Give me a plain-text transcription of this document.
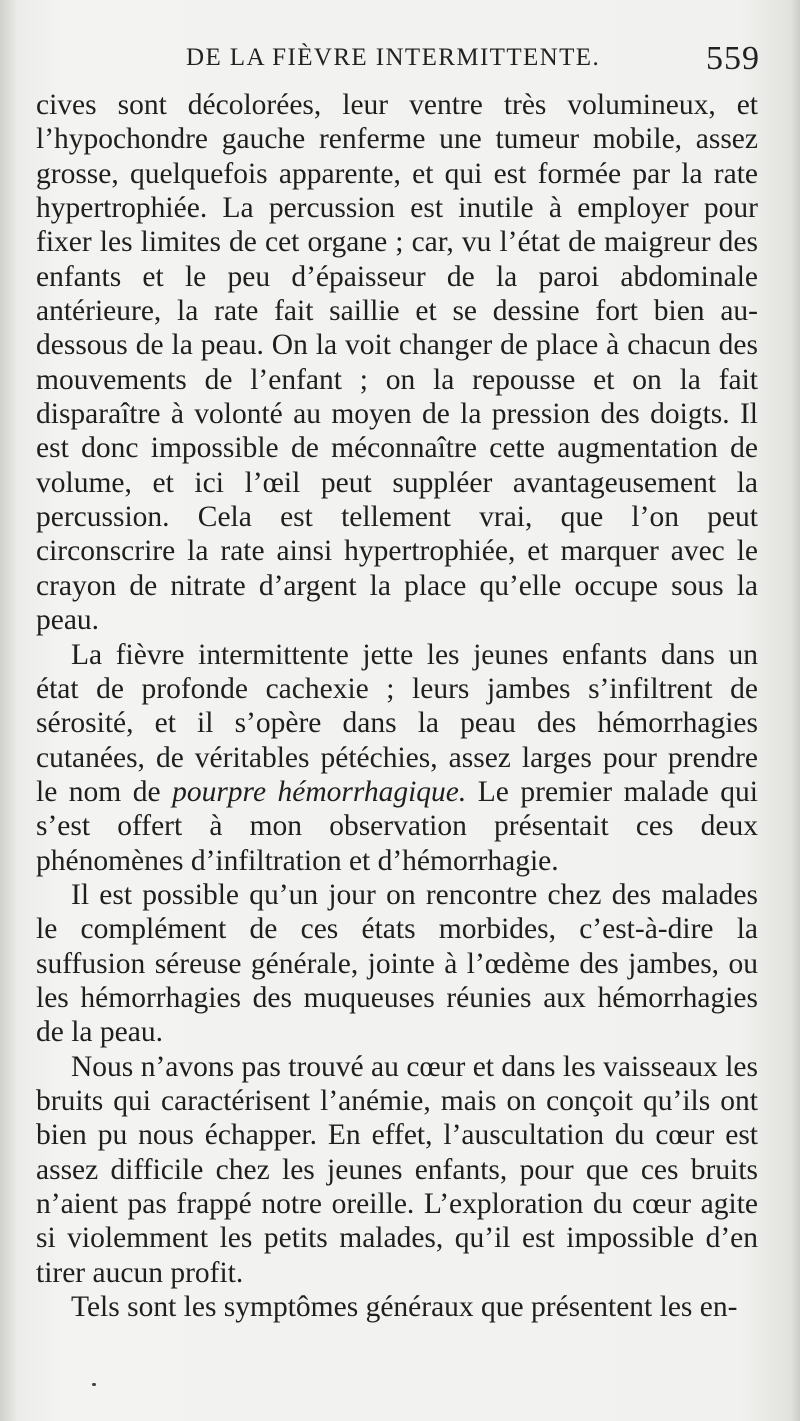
DE LA FIÈVRE INTERMITTENTE.	559

cives sont décolorées, leur ventre très volumineux, et l’hypochondre gauche renferme une tumeur mobile, assez grosse, quelquefois apparente, et qui est formée par la rate hypertrophiée. La percussion est inutile à employer pour fixer les limites de cet organe ; car, vu l’état de maigreur des enfants et le peu d’épaisseur de la paroi abdominale antérieure, la rate fait saillie et se dessine fort bien au-dessous de la peau. On la voit changer de place à chacun des mouvements de l’enfant ; on la repousse et on la fait disparaître à volonté au moyen de la pression des doigts. Il est donc impossible de méconnaître cette augmentation de volume, et ici l’œil peut suppléer avantageusement la percussion. Cela est tellement vrai, que l’on peut circonscrire la rate ainsi hypertrophiée, et marquer avec le crayon de nitrate d’argent la place qu’elle occupe sous la peau.

La fièvre intermittente jette les jeunes enfants dans un état de profonde cachexie ; leurs jambes s’infiltrent de sérosité, et il s’opère dans la peau des hémorrhagies cutanées, de véritables pétéchies, assez larges pour prendre le nom de pourpre hémorrhagique. Le premier malade qui s’est offert à mon observation présentait ces deux phénomènes d’infiltration et d’hémorrhagie.

Il est possible qu’un jour on rencontre chez des malades le complément de ces états morbides, c’est-à-dire la suffusion séreuse générale, jointe à l’œdème des jambes, ou les hémorrhagies des muqueuses réunies aux hémorrhagies de la peau.

Nous n’avons pas trouvé au cœur et dans les vaisseaux les bruits qui caractérisent l’anémie, mais on conçoit qu’ils ont bien pu nous échapper. En effet, l’auscultation du cœur est assez difficile chez les jeunes enfants, pour que ces bruits n’aient pas frappé notre oreille. L’exploration du cœur agite si violemment les petits malades, qu’il est impossible d’en tirer aucun profit.

Tels sont les symptômes généraux que présentent les en-
